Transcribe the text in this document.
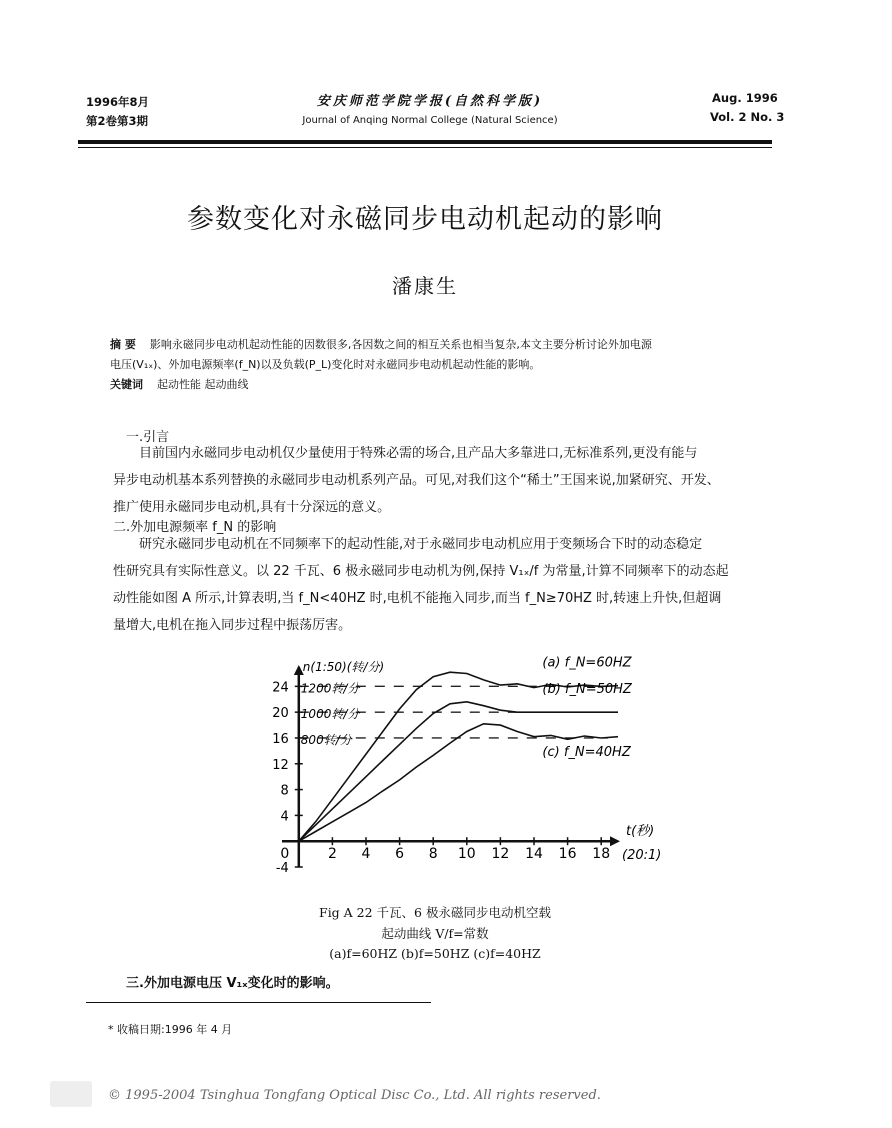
1996年8月
第2卷第3期
安庆师范学院学报(自然科学版)
Journal of Anqing Normal College (Natural Science)
Aug. 1996
Vol. 2 No. 3
参数变化对永磁同步电动机起动的影响
潘康生
摘 要 影响永磁同步电动机起动性能的因数很多,各因数之间的相互关系也相当复杂,本文主要分析讨论外加电源
电压(V₁ₓ)、外加电源频率(f_N)以及负载(P_L)变化时对永磁同步电动机起动性能的影响。
关键词 起动性能 起动曲线
一.引言
目前国内永磁同步电动机仅少量使用于特殊必需的场合,且产品大多靠进口,无标准系列,更没有能与
异步电动机基本系列替换的永磁同步电动机系列产品。可见,对我们这个“稀土”王国来说,加紧研究、开发、
推广使用永磁同步电动机,具有十分深远的意义。
二.外加电源频率 f_N 的影响
研究永磁同步电动机在不同频率下的起动性能,对于永磁同步电动机应用于变频场合下时的动态稳定
性研究具有实际性意义。以 22 千瓦、6 极永磁同步电动机为例,保持 V₁ₓ/f 为常量,计算不同频率下的动态起
动性能如图 A 所示,计算表明,当 f_N<40HZ 时,电机不能拖入同步,而当 f_N≥70HZ 时,转速上升快,但超调
量增大,电机在拖入同步过程中振荡厉害。
1200转/分
1000转/分
800转/分
0	2 4 6 8 10 12 14 16 18
24
20
16
12
8
4
-4
(a) f_N=60HZ
(b) f_N=50HZ
(c) f_N=40HZ
n(1:50)(转/分)
t(秒)
(20:1)
Fig A 22 千瓦、6 极永磁同步电动机空载
起动曲线 V/f=常数
(a)f=60HZ (b)f=50HZ (c)f=40HZ
三.外加电源电压 V₁ₓ变化时的影响。
* 收稿日期:1996 年 4 月
© 1995-2004 Tsinghua Tongfang Optical Disc Co., Ltd. All rights reserved.
